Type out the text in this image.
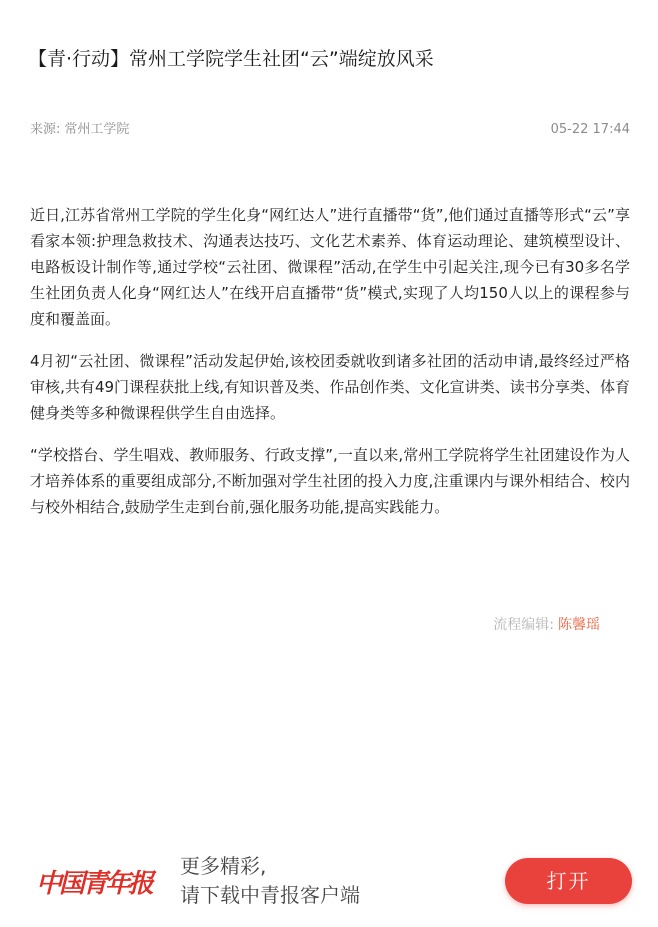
【青·行动】常州工学院学生社团“云”端绽放风采
来源: 常州工学院	05-22 17:44

近日,江苏省常州工学院的学生化身“网红达人”进行直播带“货”,他们通过直播等形式“云”享看家本领:护理急救技术、沟通表达技巧、文化艺术素养、体育运动理论、建筑模型设计、电路板设计制作等,通过学校“云社团、微课程”活动,在学生中引起关注,现今已有30多名学生社团负责人化身“网红达人”在线开启直播带“货”模式,实现了人均150人以上的课程参与度和覆盖面。

4月初“云社团、微课程”活动发起伊始,该校团委就收到诸多社团的活动申请,最终经过严格审核,共有49门课程获批上线,有知识普及类、作品创作类、文化宣讲类、读书分享类、体育健身类等多种微课程供学生自由选择。

“学校搭台、学生唱戏、教师服务、行政支撑”,一直以来,常州工学院将学生社团建设作为人才培养体系的重要组成部分,不断加强对学生社团的投入力度,注重课内与课外相结合、校内与校外相结合,鼓励学生走到台前,强化服务功能,提高实践能力。

流程编辑: 陈馨瑶
中国青年报
更多精彩,
请下载中青报客户端
打开
